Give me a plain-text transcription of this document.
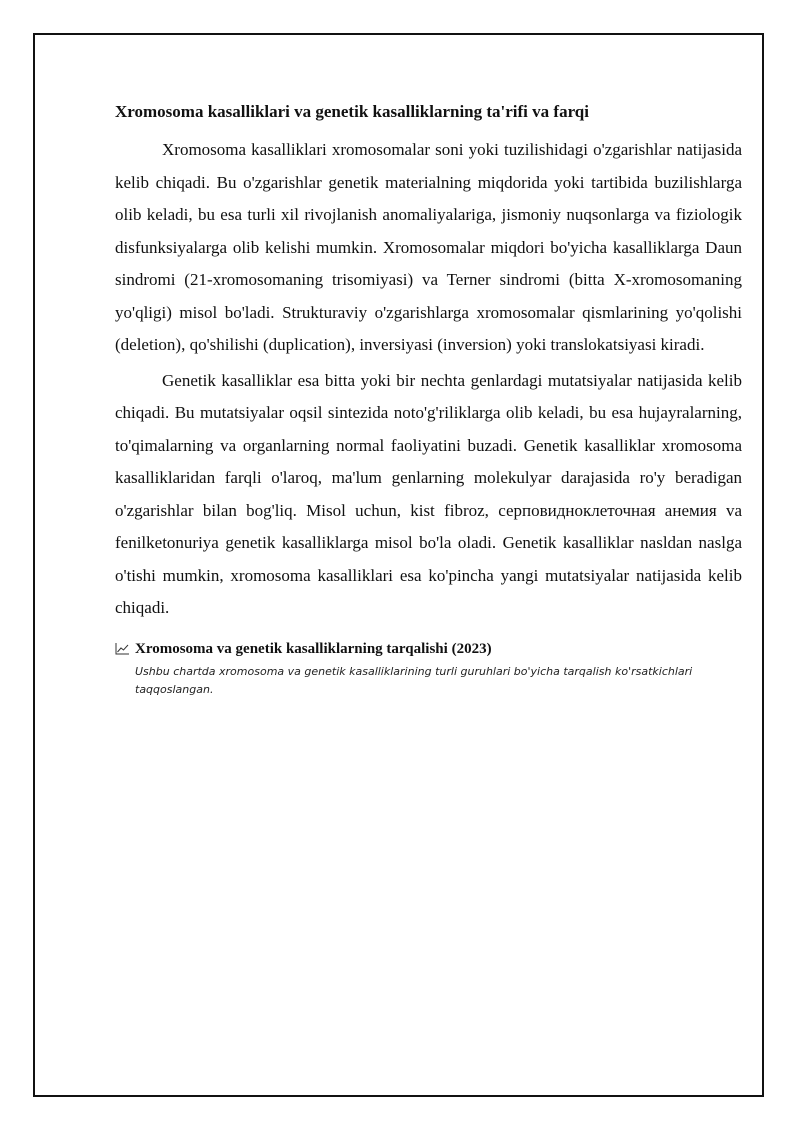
Xromosoma kasalliklari va genetik kasalliklarning ta'rifi va farqi

Xromosoma kasalliklari xromosomalar soni yoki tuzilishidagi o'zgarishlar natijasida kelib chiqadi. Bu o'zgarishlar genetik materialning miqdorida yoki tartibida buzilishlarga olib keladi, bu esa turli xil rivojlanish anomaliyalariga, jismoniy nuqsonlarga va fiziologik disfunksiyalarga olib kelishi mumkin. Xromosomalar miqdori bo'yicha kasalliklarga Daun sindromi (21-xromosomaning trisomiyasi) va Terner sindromi (bitta X-xromosomaning yo'qligi) misol bo'ladi. Strukturaviy o'zgarishlarga xromosomalar qismlarining yo'qolishi (deletion), qo'shilishi (duplication), inversiyasi (inversion) yoki translokatsiyasi kiradi.

Genetik kasalliklar esa bitta yoki bir nechta genlardagi mutatsiyalar natijasida kelib chiqadi. Bu mutatsiyalar oqsil sintezida noto'g'riliklarga olib keladi, bu esa hujayralarning, to'qimalarning va organlarning normal faoliyatini buzadi. Genetik kasalliklar xromosoma kasalliklaridan farqli o'laroq, ma'lum genlarning molekulyar darajasida ro'y beradigan o'zgarishlar bilan bog'liq. Misol uchun, kist fibroz, серповидноклеточная анемия va fenilketonuriya genetik kasalliklarga misol bo'la oladi. Genetik kasalliklar nasldan naslga o'tishi mumkin, xromosoma kasalliklari esa ko'pincha yangi mutatsiyalar natijasida kelib chiqadi.

Xromosoma va genetik kasalliklarning tarqalishi (2023)
Ushbu chartda xromosoma va genetik kasalliklarining turli guruhlari bo'yicha tarqalish ko'rsatkichlari taqqoslangan.
